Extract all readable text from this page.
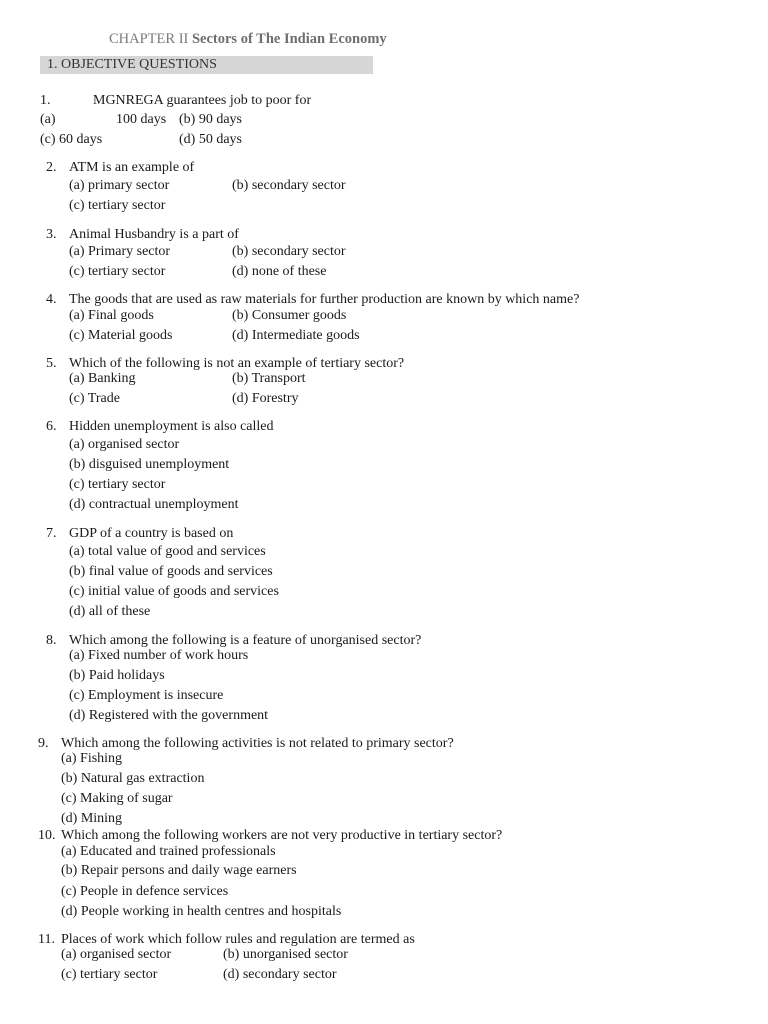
CHAPTER II Sectors of The Indian Economy
1. OBJECTIVE QUESTIONS
1.	MGNREGA guarantees job to poor for
(a)	100 days (b) 90 days
(c) 60 days	(d) 50 days
2. ATM is an example of
(a) primary sector	(b) secondary sector
(c) tertiary sector
3. Animal Husbandry is a part of
(a) Primary sector	(b) secondary sector
(c) tertiary sector	(d) none of these
4. The goods that are used as raw materials for further production are known by which name?
(a) Final goods	(b) Consumer goods
(c) Material goods	(d) Intermediate goods
5. Which of the following is not an example of tertiary sector?
(a) Banking	(b) Transport
(c) Trade	(d) Forestry
6. Hidden unemployment is also called
(a) organised sector
(b) disguised unemployment
(c) tertiary sector
(d) contractual unemployment
7. GDP of a country is based on
(a) total value of good and services
(b) final value of goods and services
(c) initial value of goods and services
(d) all of these
8. Which among the following is a feature of unorganised sector?
(a) Fixed number of work hours
(b) Paid holidays
(c) Employment is insecure
(d) Registered with the government
9. Which among the following activities is not related to primary sector?
(a) Fishing
(b) Natural gas extraction
(c) Making of sugar
(d) Mining
10. Which among the following workers are not very productive in tertiary sector?
(a) Educated and trained professionals
(b) Repair persons and daily wage earners
(c) People in defence services
(d) People working in health centres and hospitals
11. Places of work which follow rules and regulation are termed as
(a) organised sector	(b) unorganised sector
(c) tertiary sector	(d) secondary sector
